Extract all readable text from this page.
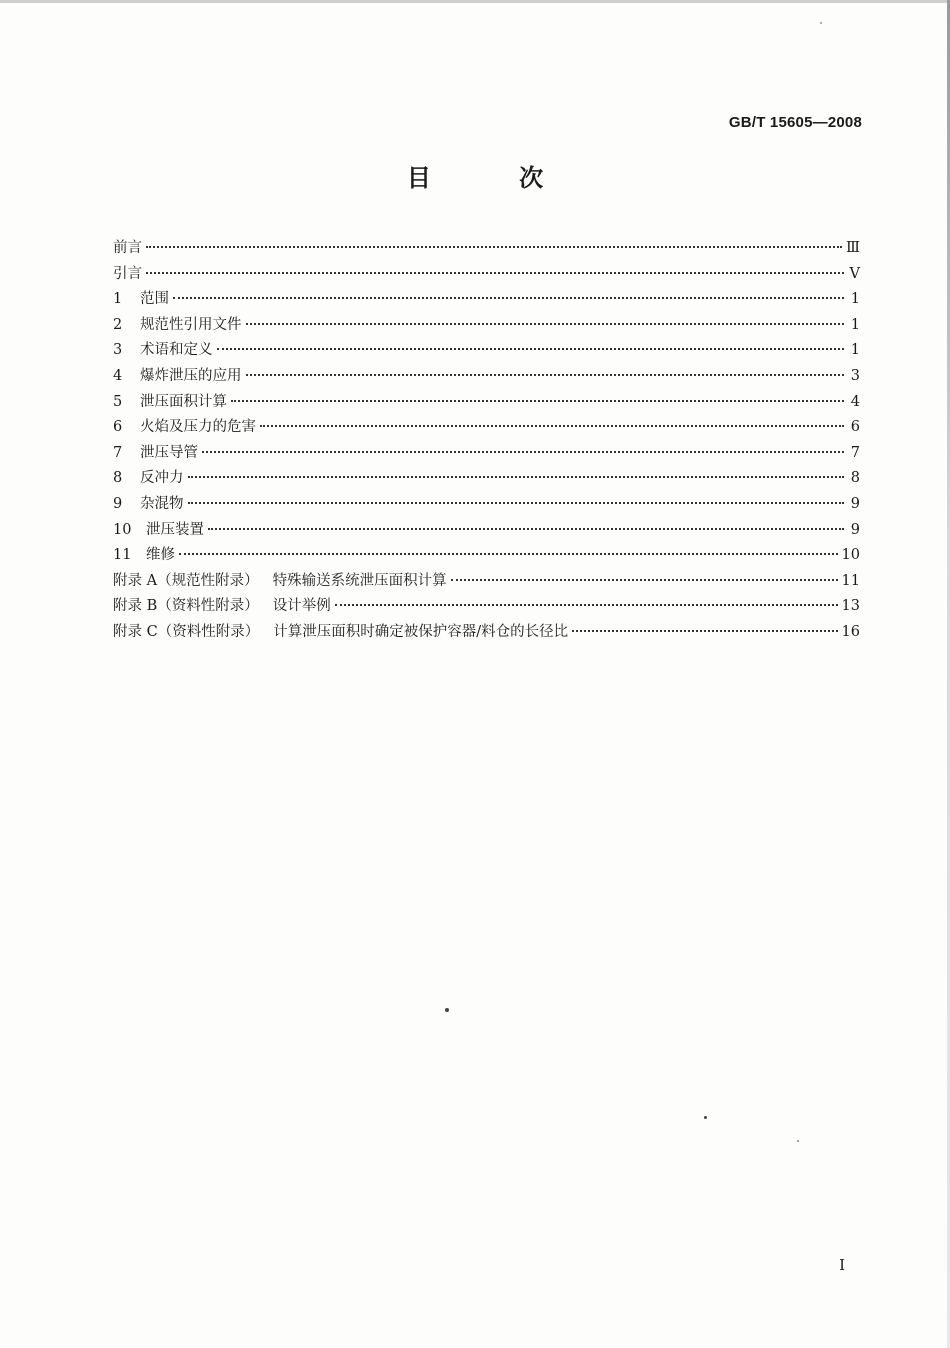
GB/T 15605—2008
目 次
前言	Ⅲ
引言	V
1	范围	1
2	规范性引用文件	1
3	术语和定义	1
4	爆炸泄压的应用	3
5	泄压面积计算	4
6	火焰及压力的危害	6
7	泄压导管	7
8	反冲力	8
9	杂混物	9
10	泄压装置	9
11	维修	10
附录 A（规范性附录） 特殊输送系统泄压面积计算	11
附录 B（资料性附录） 设计举例	13
附录 C（资料性附录） 计算泄压面积时确定被保护容器/料仓的长径比	16
I
